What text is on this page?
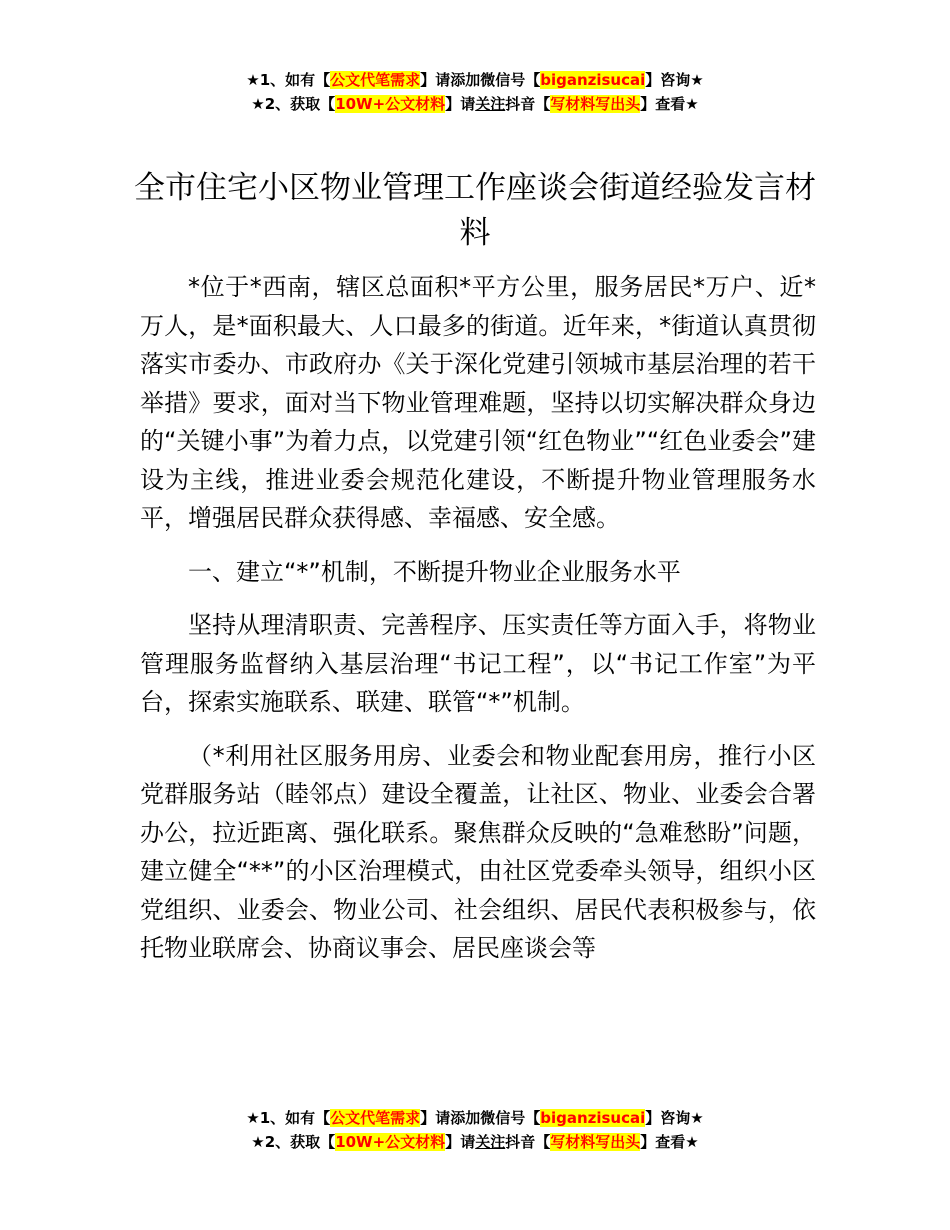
★1、如有【公文代笔需求】请添加微信号【biganzisucai】咨询★
★2、获取【10W+公文材料】请关注抖音【写材料写出头】查看★
全市住宅小区物业管理工作座谈会街道经验发言材料

*位于*西南，辖区总面积*平方公里，服务居民*万户、近*万人，是*面积最大、人口最多的街道。近年来，*街道认真贯彻落实市委办、市政府办《关于深化党建引领城市基层治理的若干举措》要求，面对当下物业管理难题，坚持以切实解决群众身边的“关键小事”为着力点，以党建引领“红色物业”“红色业委会”建设为主线，推进业委会规范化建设，不断提升物业管理服务水平，增强居民群众获得感、幸福感、安全感。

一、建立“*”机制，不断提升物业企业服务水平

坚持从理清职责、完善程序、压实责任等方面入手，将物业管理服务监督纳入基层治理“书记工程”，以“书记工作室”为平台，探索实施联系、联建、联管“*”机制。

（*利用社区服务用房、业委会和物业配套用房，推行小区党群服务站（睦邻点）建设全覆盖，让社区、物业、业委会合署办公，拉近距离、强化联系。聚焦群众反映的“急难愁盼”问题，建立健全“**”的小区治理模式，由社区党委牵头领导，组织小区党组织、业委会、物业公司、社会组织、居民代表积极参与，依托物业联席会、协商议事会、居民座谈会等

★1、如有【公文代笔需求】请添加微信号【biganzisucai】咨询★
★2、获取【10W+公文材料】请关注抖音【写材料写出头】查看★
